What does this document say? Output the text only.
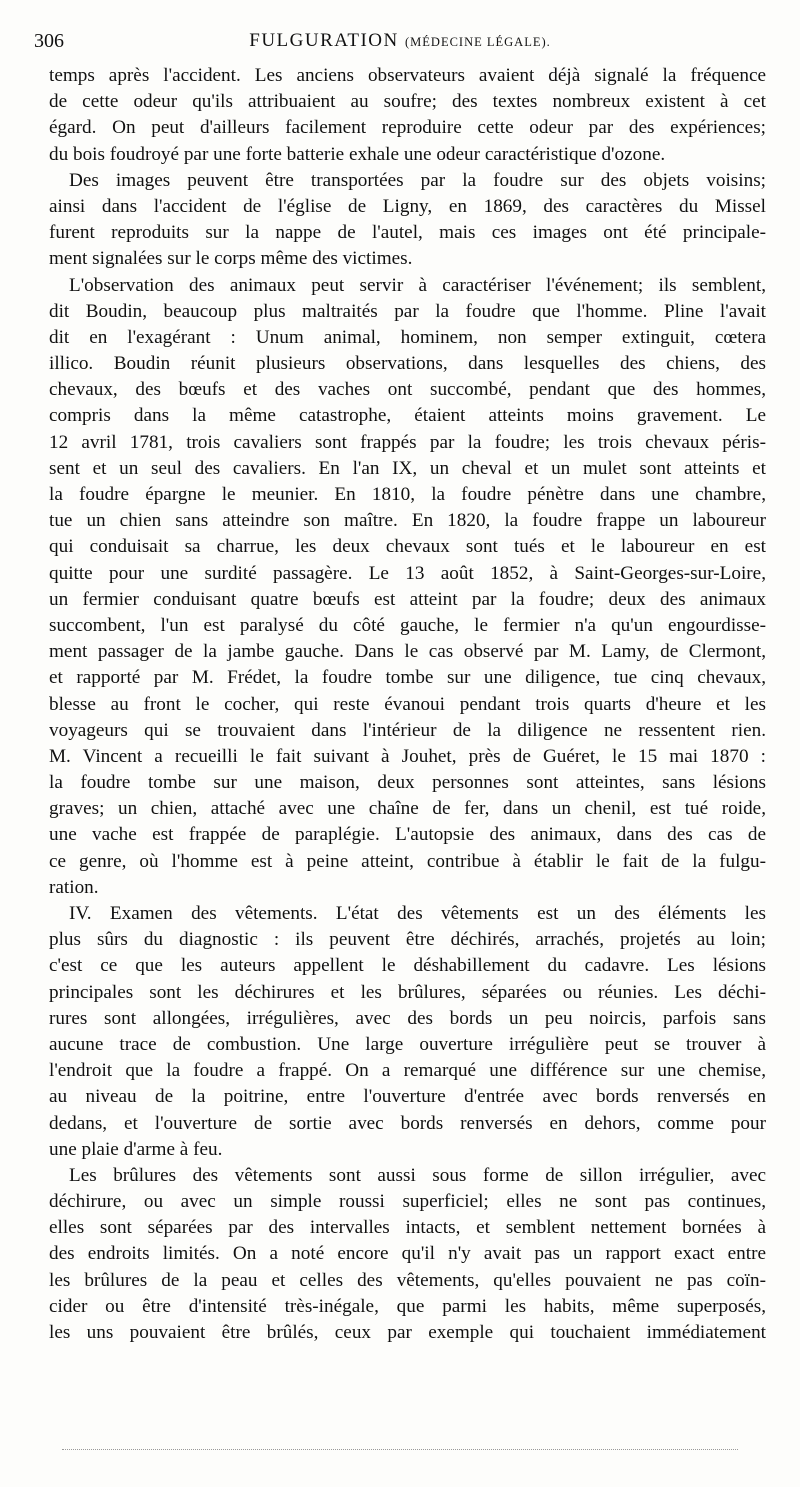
306	FULGURATION (MÉDECINE LÉGALE).
temps après l'accident. Les anciens observateurs avaient déjà signalé la fréquence
de cette odeur qu'ils attribuaient au soufre; des textes nombreux existent à cet
égard. On peut d'ailleurs facilement reproduire cette odeur par des expériences;
du bois foudroyé par une forte batterie exhale une odeur caractéristique d'ozone.
Des images peuvent être transportées par la foudre sur des objets voisins;
ainsi dans l'accident de l'église de Ligny, en 1869, des caractères du Missel
furent reproduits sur la nappe de l'autel, mais ces images ont été principale-
ment signalées sur le corps même des victimes.
L'observation des animaux peut servir à caractériser l'événement; ils semblent,
dit Boudin, beaucoup plus maltraités par la foudre que l'homme. Pline l'avait
dit en l'exagérant : Unum animal, hominem, non semper extinguit, cœtera
illico. Boudin réunit plusieurs observations, dans lesquelles des chiens, des
chevaux, des bœufs et des vaches ont succombé, pendant que des hommes,
compris dans la même catastrophe, étaient atteints moins gravement. Le
12 avril 1781, trois cavaliers sont frappés par la foudre; les trois chevaux péris-
sent et un seul des cavaliers. En l'an IX, un cheval et un mulet sont atteints et
la foudre épargne le meunier. En 1810, la foudre pénètre dans une chambre,
tue un chien sans atteindre son maître. En 1820, la foudre frappe un laboureur
qui conduisait sa charrue, les deux chevaux sont tués et le laboureur en est
quitte pour une surdité passagère. Le 13 août 1852, à Saint-Georges-sur-Loire,
un fermier conduisant quatre bœufs est atteint par la foudre; deux des animaux
succombent, l'un est paralysé du côté gauche, le fermier n'a qu'un engourdisse-
ment passager de la jambe gauche. Dans le cas observé par M. Lamy, de Clermont,
et rapporté par M. Frédet, la foudre tombe sur une diligence, tue cinq chevaux,
blesse au front le cocher, qui reste évanoui pendant trois quarts d'heure et les
voyageurs qui se trouvaient dans l'intérieur de la diligence ne ressentent rien.
M. Vincent a recueilli le fait suivant à Jouhet, près de Guéret, le 15 mai 1870 :
la foudre tombe sur une maison, deux personnes sont atteintes, sans lésions
graves; un chien, attaché avec une chaîne de fer, dans un chenil, est tué roide,
une vache est frappée de paraplégie. L'autopsie des animaux, dans des cas de
ce genre, où l'homme est à peine atteint, contribue à établir le fait de la fulgu-
ration.
IV. Examen des vêtements. L'état des vêtements est un des éléments les
plus sûrs du diagnostic : ils peuvent être déchirés, arrachés, projetés au loin;
c'est ce que les auteurs appellent le déshabillement du cadavre. Les lésions
principales sont les déchirures et les brûlures, séparées ou réunies. Les déchi-
rures sont allongées, irrégulières, avec des bords un peu noircis, parfois sans
aucune trace de combustion. Une large ouverture irrégulière peut se trouver à
l'endroit que la foudre a frappé. On a remarqué une différence sur une chemise,
au niveau de la poitrine, entre l'ouverture d'entrée avec bords renversés en
dedans, et l'ouverture de sortie avec bords renversés en dehors, comme pour
une plaie d'arme à feu.
Les brûlures des vêtements sont aussi sous forme de sillon irrégulier, avec
déchirure, ou avec un simple roussi superficiel; elles ne sont pas continues,
elles sont séparées par des intervalles intacts, et semblent nettement bornées à
des endroits limités. On a noté encore qu'il n'y avait pas un rapport exact entre
les brûlures de la peau et celles des vêtements, qu'elles pouvaient ne pas coïn-
cider ou être d'intensité très-inégale, que parmi les habits, même superposés,
les uns pouvaient être brûlés, ceux par exemple qui touchaient immédiatement
